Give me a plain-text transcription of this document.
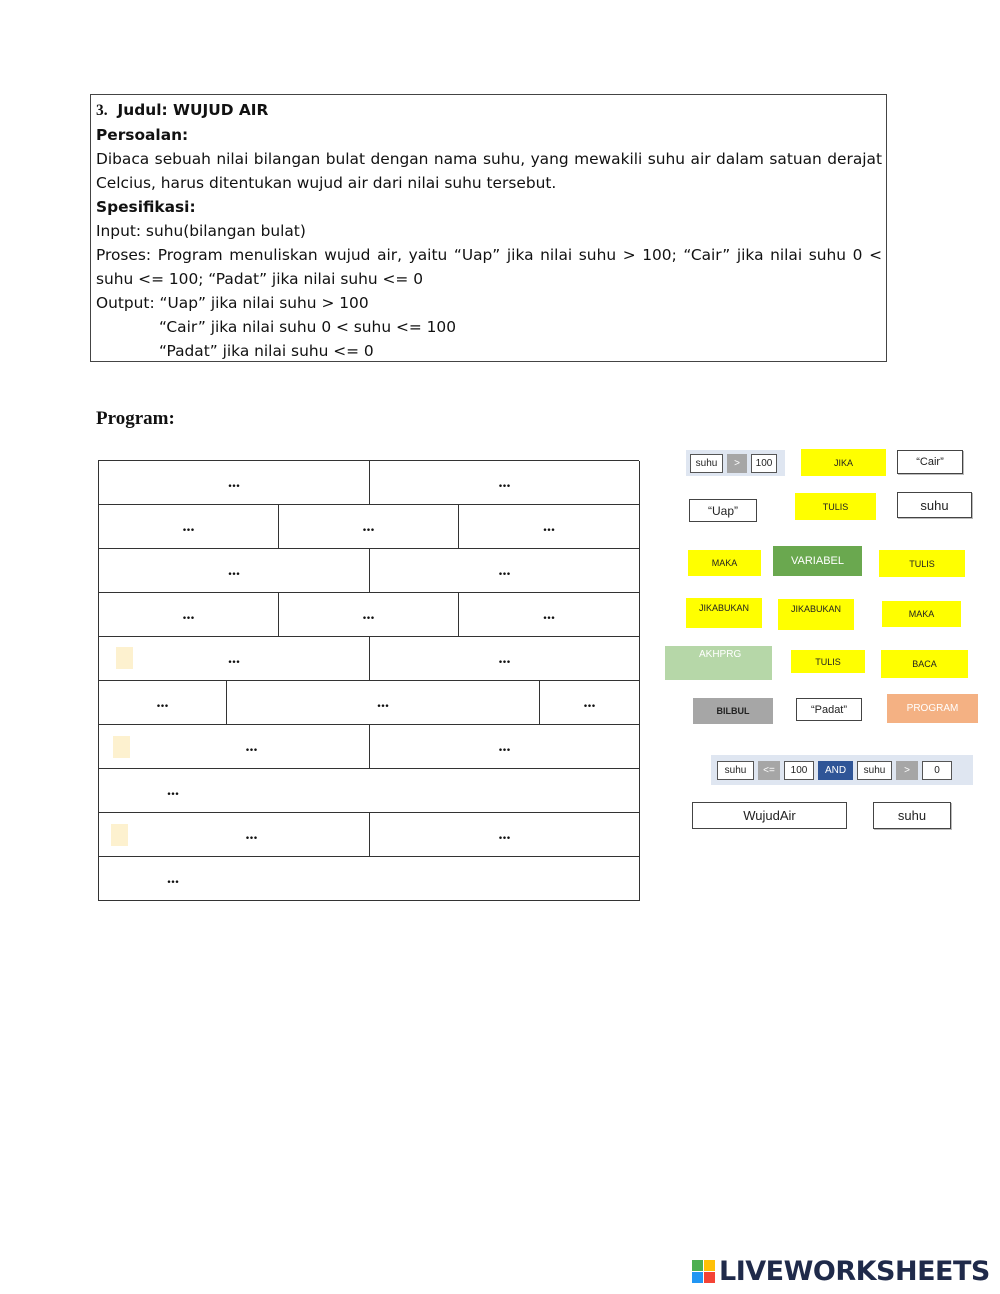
3. Judul: WUJUD AIR
Persoalan:
Dibaca sebuah nilai bilangan bulat dengan nama suhu, yang mewakili suhu air dalam satuan derajat
Celcius, harus ditentukan wujud air dari nilai suhu tersebut.
Spesifikasi:
Input: suhu(bilangan bulat)
Proses: Program menuliskan wujud air, yaitu “Uap” jika nilai suhu > 100; “Cair” jika nilai suhu 0 <
suhu <= 100; “Padat” jika nilai suhu <= 0
Output: “Uap” jika nilai suhu > 100
“Cair” jika nilai suhu 0 < suhu <= 100
“Padat” jika nilai suhu <= 0
Program:
...	...
...	...	...
...	...
...	...	...
...	...
...	...	...
...	...
...
...	...
...
suhu	>	100	JIKA	“Cair”
“Uap”	TULIS	suhu
MAKA	VARIABEL	TULIS
JIKABUKAN	JIKABUKAN	MAKA
AKHPRG
TULIS	BACA
BILBUL	“Padat”	PROGRAM
suhu	<=	100	AND	suhu	>	0
WujudAir	suhu
LIVEWORKSHEETS
